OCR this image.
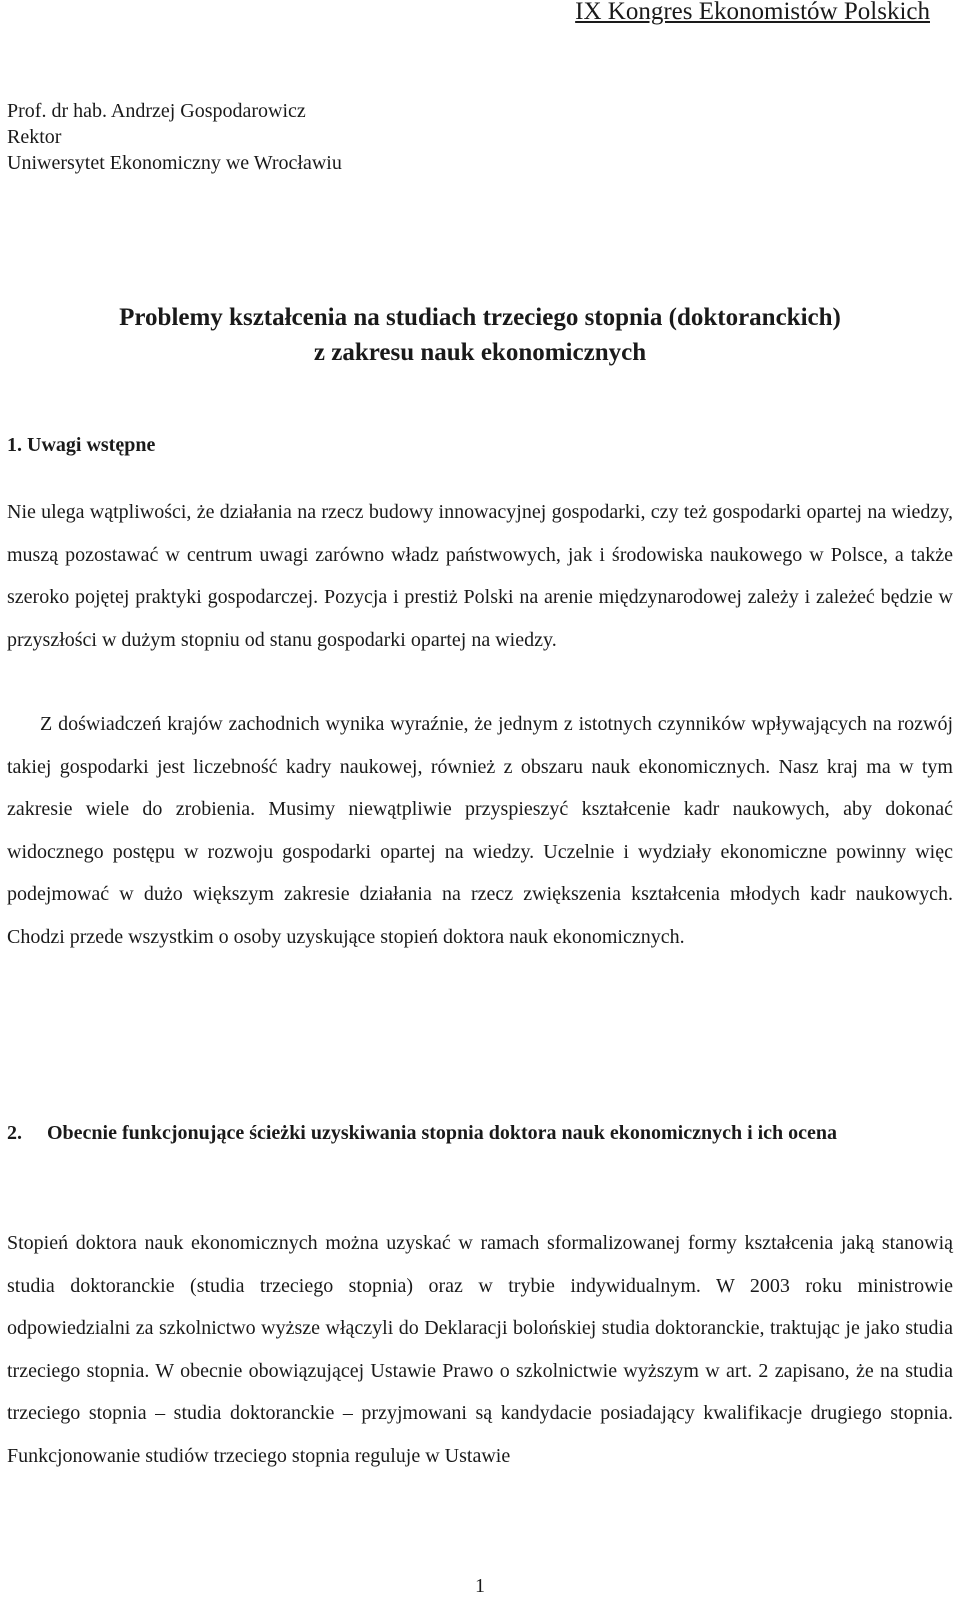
IX Kongres Ekonomistów Polskich
Prof. dr hab. Andrzej Gospodarowicz
Rektor
Uniwersytet Ekonomiczny we Wrocławiu
Problemy kształcenia na studiach trzeciego stopnia (doktoranckich)
z zakresu nauk ekonomicznych
1. Uwagi wstępne

Nie ulega wątpliwości, że działania na rzecz budowy innowacyjnej gospodarki, czy też gospodarki opartej na wiedzy, muszą pozostawać w centrum uwagi zarówno władz państwowych, jak i środowiska naukowego w Polsce, a także szeroko pojętej praktyki gospodarczej. Pozycja i prestiż Polski na arenie międzynarodowej zależy i zależeć będzie w przyszłości w dużym stopniu od stanu gospodarki opartej na wiedzy.

Z doświadczeń krajów zachodnich wynika wyraźnie, że jednym z istotnych czynników wpływających na rozwój takiej gospodarki jest liczebność kadry naukowej, również z obszaru nauk ekonomicznych. Nasz kraj ma w tym zakresie wiele do zrobienia. Musimy niewątpliwie przyspieszyć kształcenie kadr naukowych, aby dokonać widocznego postępu w rozwoju gospodarki opartej na wiedzy. Uczelnie i wydziały ekonomiczne powinny więc podejmować w dużo większym zakresie działania na rzecz zwiększenia kształcenia młodych kadr naukowych. Chodzi przede wszystkim o osoby uzyskujące stopień doktora nauk ekonomicznych.

2. Obecnie funkcjonujące ścieżki uzyskiwania stopnia doktora nauk ekonomicznych i ich ocena

Stopień doktora nauk ekonomicznych można uzyskać w ramach sformalizowanej formy kształcenia jaką stanowią studia doktoranckie (studia trzeciego stopnia) oraz w trybie indywidualnym. W 2003 roku ministrowie odpowiedzialni za szkolnictwo wyższe włączyli do Deklaracji bolońskiej studia doktoranckie, traktując je jako studia trzeciego stopnia. W obecnie obowiązującej Ustawie Prawo o szkolnictwie wyższym w art. 2 zapisano, że na studia trzeciego stopnia – studia doktoranckie – przyjmowani są kandydacie posiadający kwalifikacje drugiego stopnia. Funkcjonowanie studiów trzeciego stopnia reguluje w Ustawie

1
